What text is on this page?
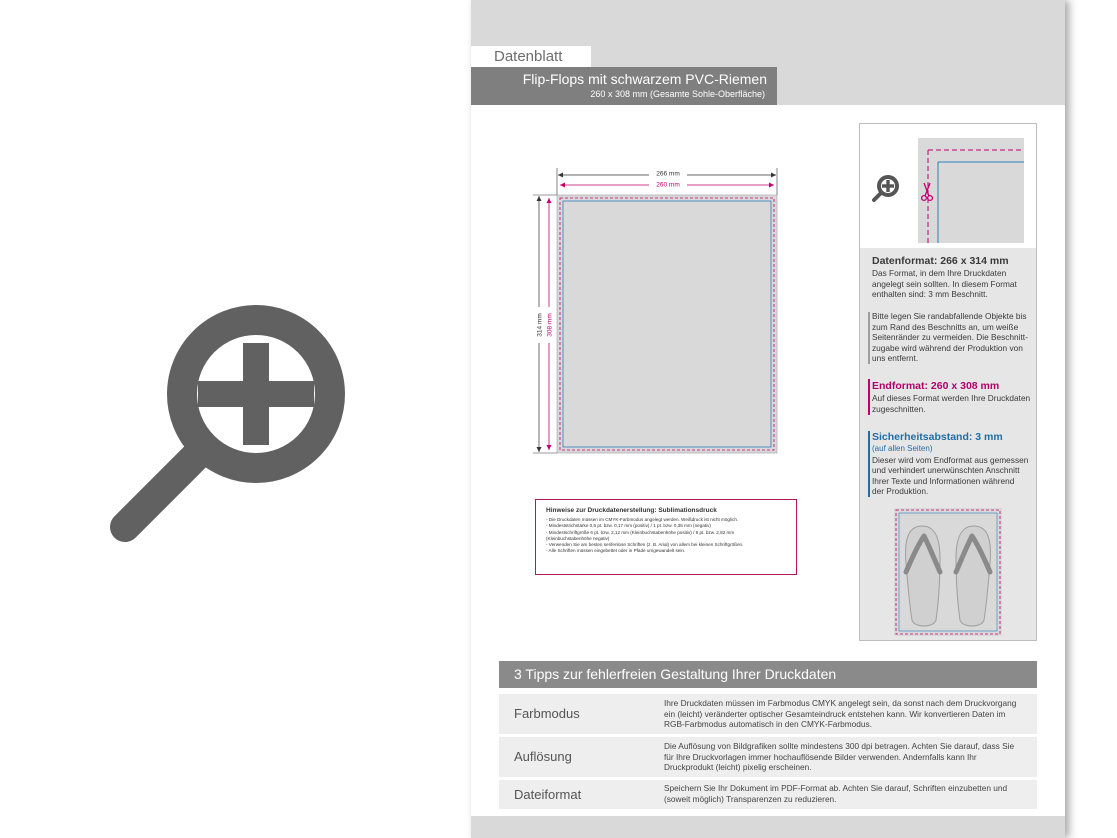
Datenblatt
Flip-Flops mit schwarzem PVC-Riemen
260 x 308 mm (Gesamte Sohle-Oberfläche)
266 mm
260 mm
314 mm 308 mm
Hinweise zur Druckdatenerstellung: Sublimationsdruck
- Die Druckdaten müssen im CMYK-Farbmodus angelegt werden. Weißdruck ist nicht möglich.
- Mindeststrichstärke 0,5 pt. bzw. 0,17 mm (positiv) / 1 pt. bzw. 0,35 mm (negativ)
- Mindestschriftgröße 6 pt. bzw. 2,12 mm (Kleinbuchstabenhöhe positiv) / 8 pt. bzw. 2,82 mm
(Kleinbuchstabenhöhe negativ)
- Verwenden Sie am besten serifenlose Schriften (z. B. Arial) von allem bei kleinen Schriftgrößen.
- Alle Schriften müssen eingebettet oder in Pfade umgewandelt sein.
Datenformat: 266 x 314 mm
Das Format, in dem Ihre Druckdaten
angelegt sein sollten. In diesem Format
enthalten sind: 3 mm Beschnitt.
Bitte legen Sie randabfallende Objekte bis
zum Rand des Beschnitts an, um weiße
Seitenränder zu vermeiden. Die Beschnitt-
zugabe wird während der Produktion von
uns entfernt.
Endformat: 260 x 308 mm
Auf dieses Format werden Ihre Druckdaten
zugeschnitten.
Sicherheitsabstand: 3 mm
(auf allen Seiten)
Dieser wird vom Endformat aus gemessen
und verhindert unerwünschten Anschnitt
Ihrer Texte und Informationen während
der Produktion.
3 Tipps zur fehlerfreien Gestaltung Ihrer Druckdaten
Farbmodus
Ihre Druckdaten müssen im Farbmodus CMYK angelegt sein, da sonst nach dem Druckvorgang
ein (leicht) veränderter optischer Gesamteindruck entstehen kann. Wir konvertieren Daten im
RGB-Farbmodus automatisch in den CMYK-Farbmodus.
Auflösung
Die Auflösung von Bildgrafiken sollte mindestens 300 dpi betragen. Achten Sie darauf, dass Sie
für Ihre Druckvorlagen immer hochauflösende Bilder verwenden. Andernfalls kann Ihr
Druckprodukt (leicht) pixelig erscheinen.
Dateiformat	Speichern Sie Ihr Dokument im PDF-Format ab. Achten Sie darauf, Schriften einzubetten und
(soweit möglich) Transparenzen zu reduzieren.
